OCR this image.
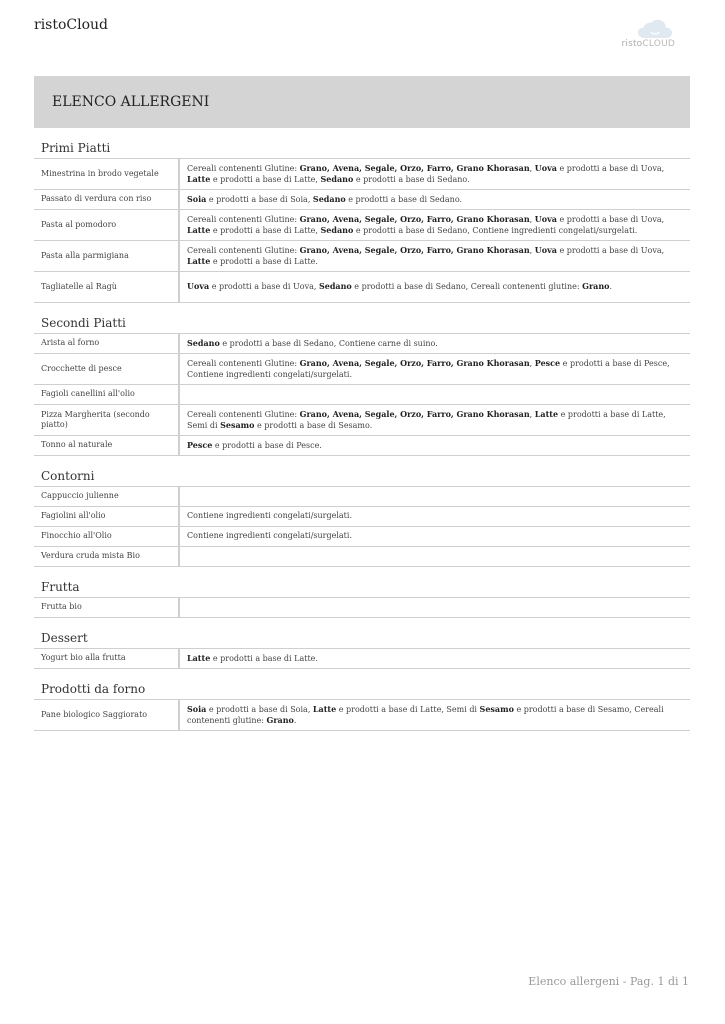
ristoCloud
ristoCLOUD
ELENCO ALLERGENI
Primi Piatti
Minestrina in brodo vegetale	Cereali contenenti Glutine: Grano, Avena, Segale, Orzo, Farro, Grano Khorasan, Uova e prodotti a base di Uova, Latte e prodotti a base di Latte, Sedano e prodotti a base di Sedano.
Passato di verdura con riso	Soia e prodotti a base di Soia, Sedano e prodotti a base di Sedano.
Pasta al pomodoro	Cereali contenenti Glutine: Grano, Avena, Segale, Orzo, Farro, Grano Khorasan, Uova e prodotti a base di Uova, Latte e prodotti a base di Latte, Sedano e prodotti a base di Sedano, Contiene ingredienti congelati/surgelati.
Pasta alla parmigiana	Cereali contenenti Glutine: Grano, Avena, Segale, Orzo, Farro, Grano Khorasan, Uova e prodotti a base di Uova, Latte e prodotti a base di Latte.
Tagliatelle al Ragù	Uova e prodotti a base di Uova, Sedano e prodotti a base di Sedano, Cereali contenenti glutine: Grano.
Secondi Piatti
Arista al forno	Sedano e prodotti a base di Sedano, Contiene carne di suino.
Crocchette di pesce	Cereali contenenti Glutine: Grano, Avena, Segale, Orzo, Farro, Grano Khorasan, Pesce e prodotti a base di Pesce, Contiene ingredienti congelati/surgelati.
Fagioli canellini all'olio	
Pizza Margherita (secondo piatto)	Cereali contenenti Glutine: Grano, Avena, Segale, Orzo, Farro, Grano Khorasan, Latte e prodotti a base di Latte, Semi di Sesamo e prodotti a base di Sesamo.
Tonno al naturale	Pesce e prodotti a base di Pesce.
Contorni
Cappuccio julienne	
Fagiolini all'olio	Contiene ingredienti congelati/surgelati.
Finocchio all'Olio	Contiene ingredienti congelati/surgelati.
Verdura cruda mista Bio	
Frutta
Frutta bio	
Dessert
Yogurt bio alla frutta	Latte e prodotti a base di Latte.
Prodotti da forno
Pane biologico Saggiorato	Soia e prodotti a base di Soia, Latte e prodotti a base di Latte, Semi di Sesamo e prodotti a base di Sesamo, Cereali contenenti glutine: Grano.
Elenco allergeni - Pag. 1 di 1
